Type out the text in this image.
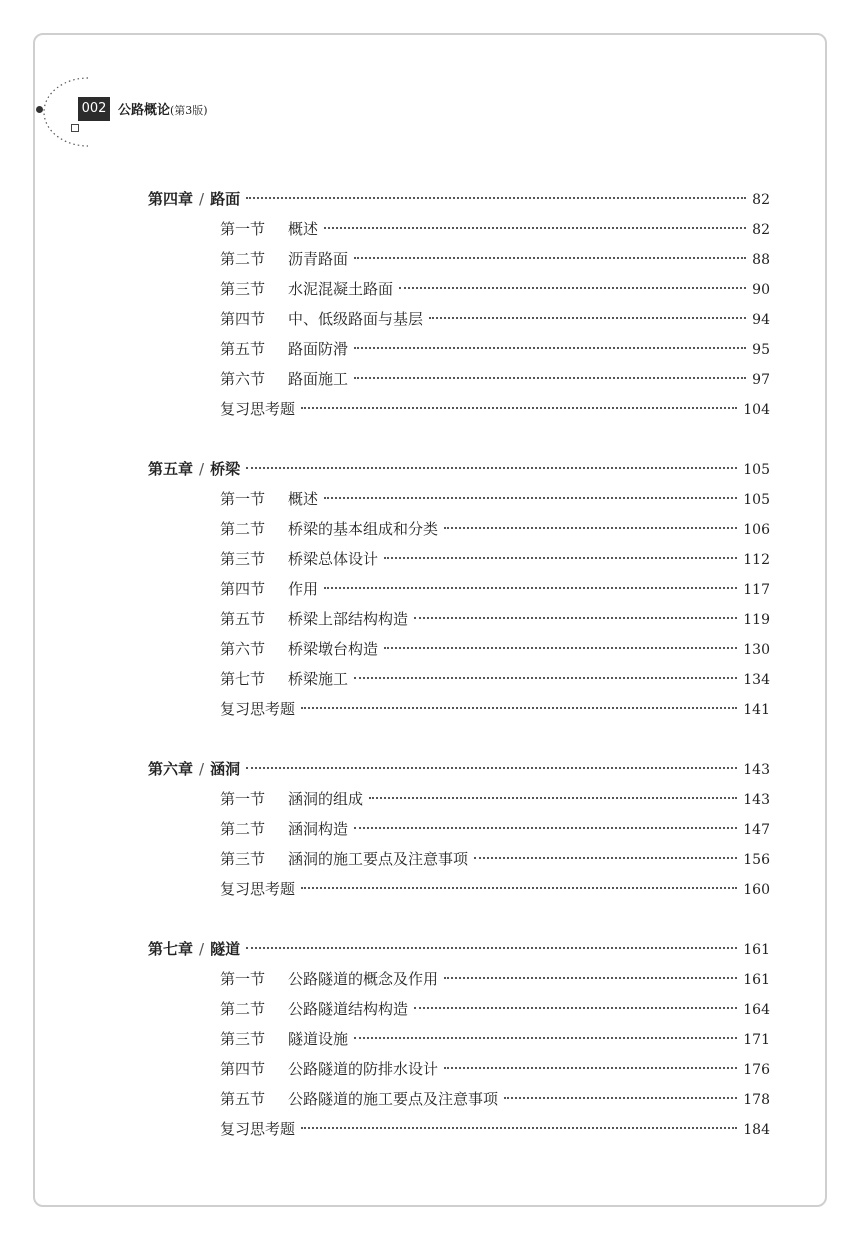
002 公路概论(第3版)
第四章 / 路面	82
第一节	概述	82
第二节	沥青路面	88
第三节	水泥混凝土路面	90
第四节	中、低级路面与基层	94
第五节	路面防滑	95
第六节	路面施工	97
复习思考题	104
第五章 / 桥梁	105
第一节	概述	105
第二节	桥梁的基本组成和分类	106
第三节	桥梁总体设计	112
第四节	作用	117
第五节	桥梁上部结构构造	119
第六节	桥梁墩台构造	130
第七节	桥梁施工	134
复习思考题	141
第六章 / 涵洞	143
第一节	涵洞的组成	143
第二节	涵洞构造	147
第三节	涵洞的施工要点及注意事项	156
复习思考题	160
第七章 / 隧道	161
第一节	公路隧道的概念及作用	161
第二节	公路隧道结构构造	164
第三节	隧道设施	171
第四节	公路隧道的防排水设计	176
第五节	公路隧道的施工要点及注意事项	178
复习思考题	184
